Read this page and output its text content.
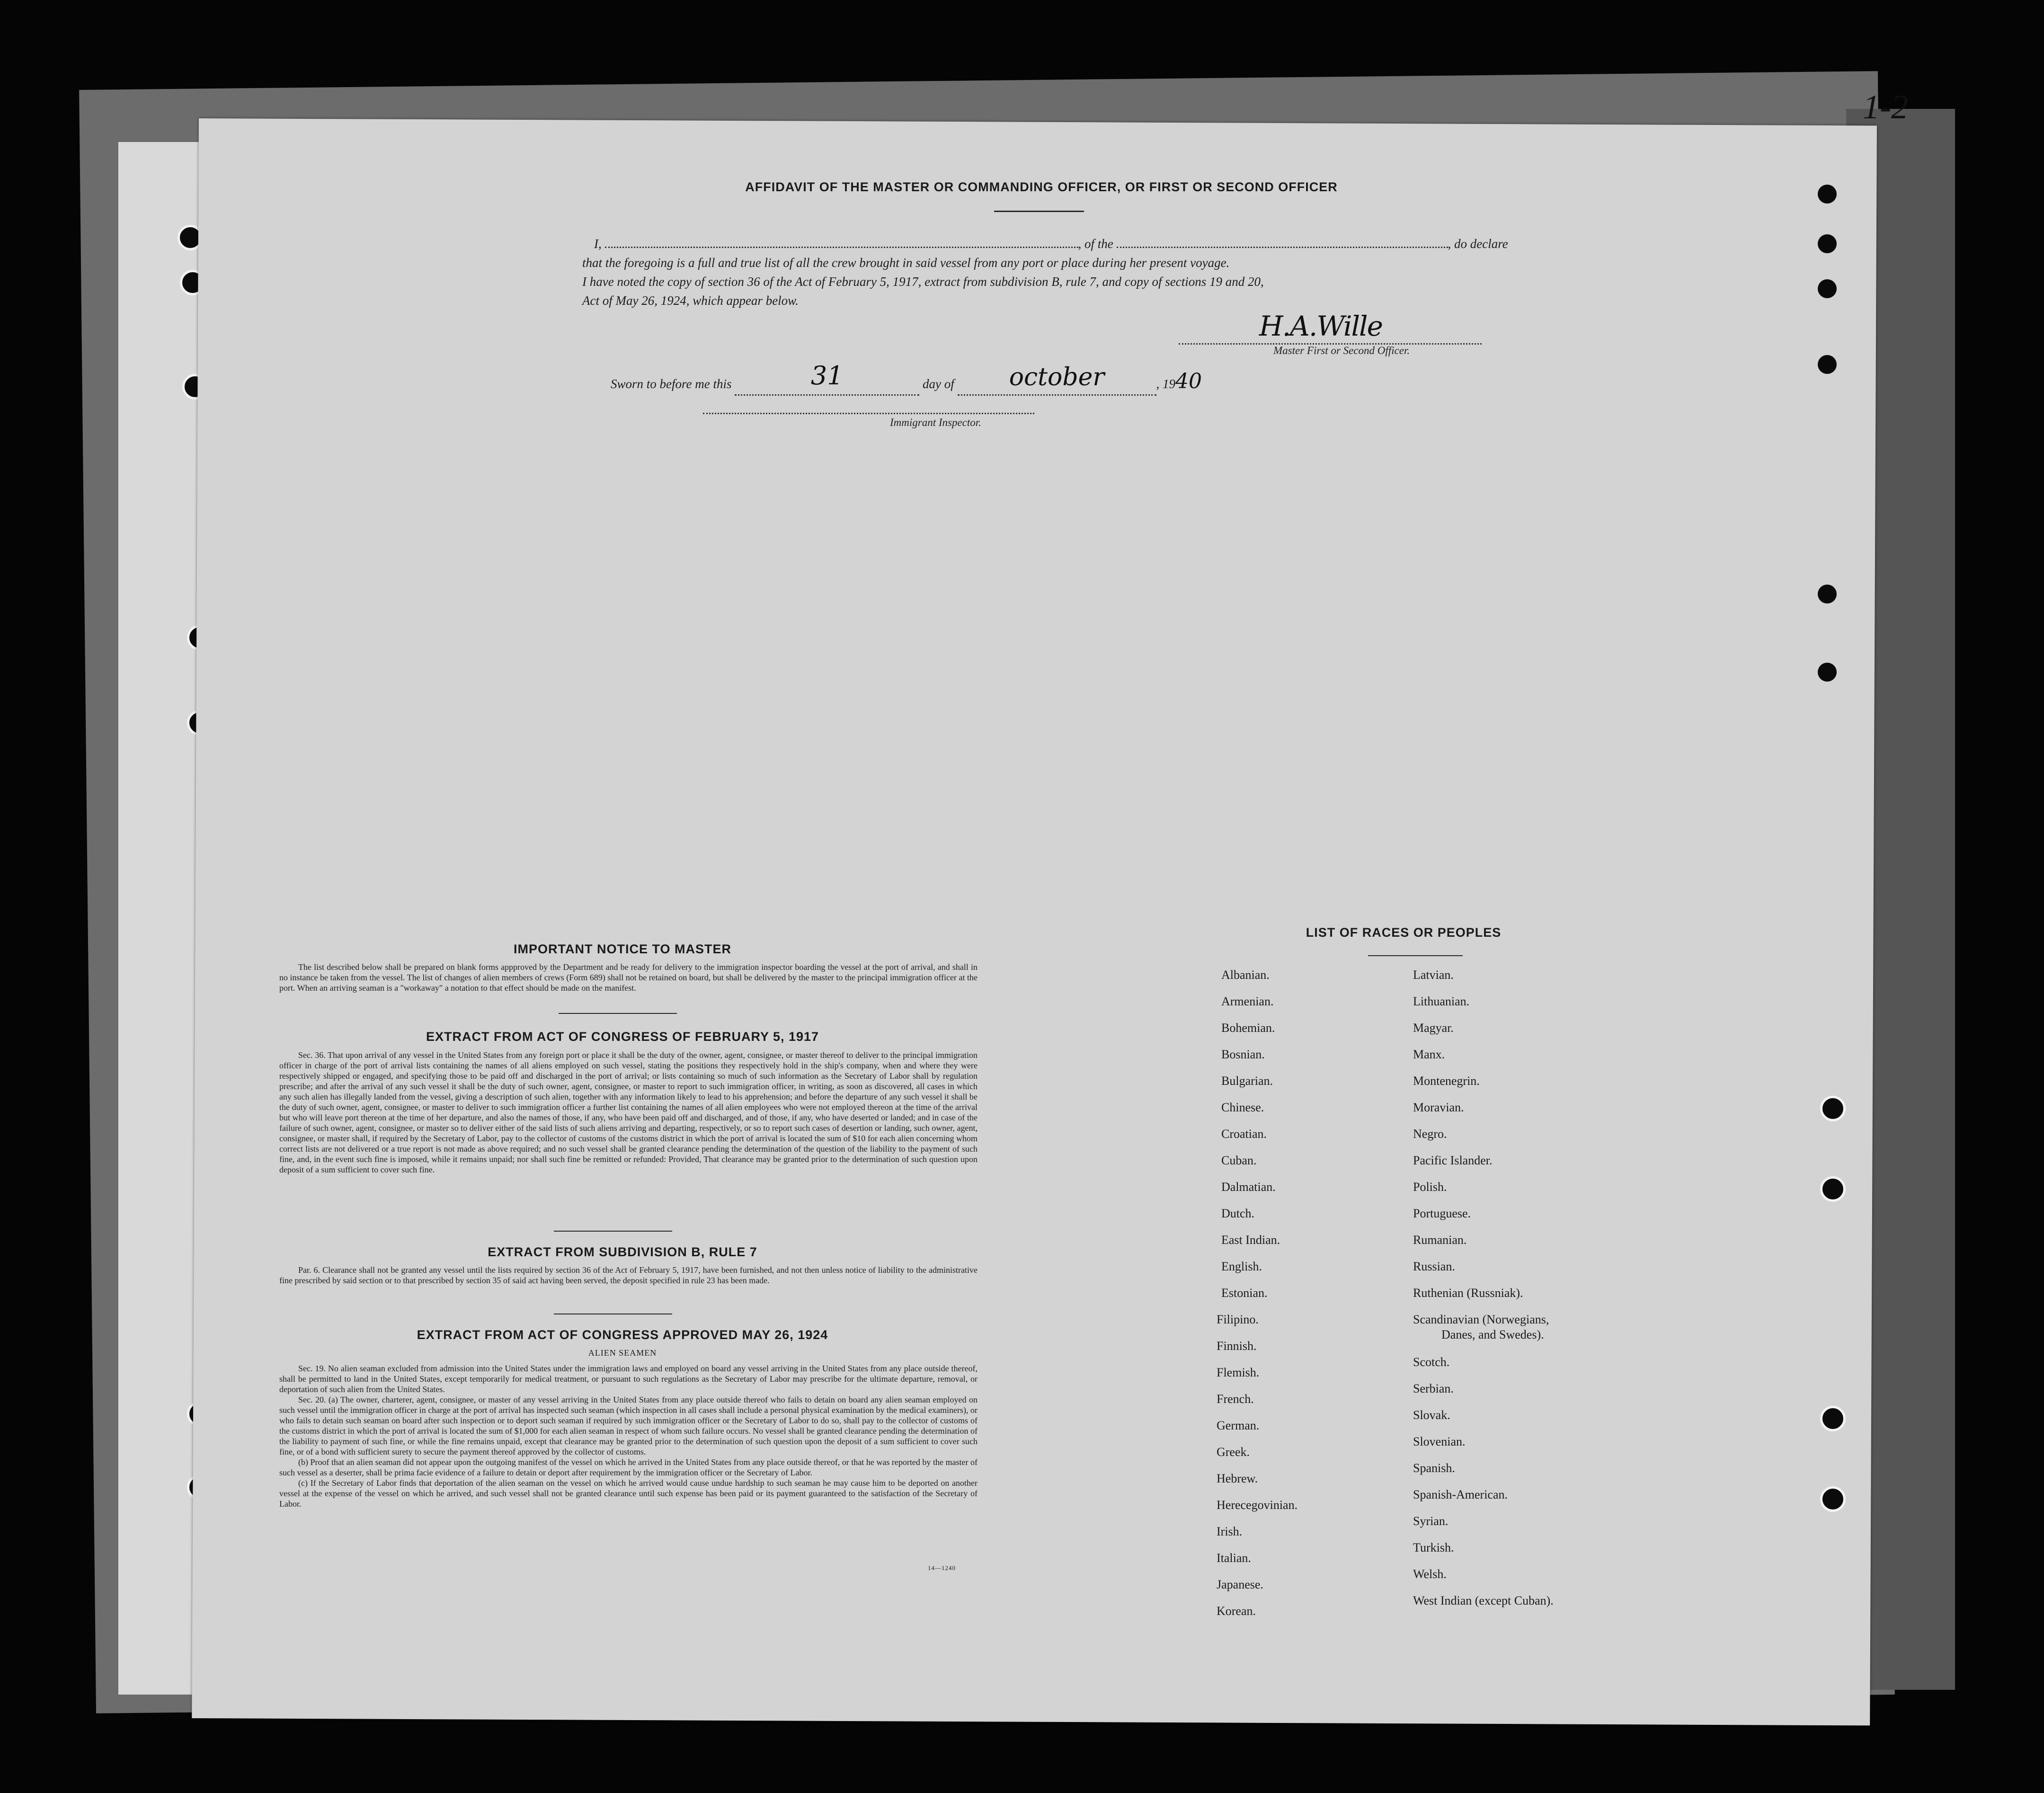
1-2
AFFIDAVIT OF THE MASTER OR COMMANDING OFFICER, OR FIRST OR SECOND OFFICER
I,	, of the	, do declare
that the foregoing is a full and true list of all the crew brought in said vessel from any port or place during her present voyage.
I have noted the copy of section 36 of the Act of February 5, 1917, extract from subdivision B, rule 7, and copy of sections 19 and 20,
Act of May 26, 1924, which appear below.
H.A.Wille
Master First or Second Officer.
Sworn to before me this	31	day of october	, 1940
Immigrant Inspector.
IMPORTANT NOTICE TO MASTER
The list described below shall be prepared on blank forms appproved by the Department and be ready for delivery to the immigration inspector boarding the vessel at the port of arrival, and shall in no instance be taken from the vessel. The list of changes of alien members of crews (Form 689) shall not be retained on board, but shall be delivered by the master to the principal immigration officer at the port. When an arriving seaman is a "workaway" a notation to that effect should be made on the manifest.
EXTRACT FROM ACT OF CONGRESS OF FEBRUARY 5, 1917
Sec. 36. That upon arrival of any vessel in the United States from any foreign port or place it shall be the duty of the owner, agent, consignee, or master thereof to deliver to the principal immigration officer in charge of the port of arrival lists containing the names of all aliens employed on such vessel, stating the positions they respectively hold in the ship's company, when and where they were respectively shipped or engaged, and specifying those to be paid off and discharged in the port of arrival; or lists containing so much of such information as the Secretary of Labor shall by regulation prescribe; and after the arrival of any such vessel it shall be the duty of such owner, agent, consignee, or master to report to such immigration officer, in writing, as soon as discovered, all cases in which any such alien has illegally landed from the vessel, giving a description of such alien, together with any information likely to lead to his apprehension; and before the departure of any such vessel it shall be the duty of such owner, agent, consignee, or master to deliver to such immigration officer a further list containing the names of all alien employees who were not employed thereon at the time of the arrival but who will leave port thereon at the time of her departure, and also the names of those, if any, who have been paid off and discharged, and of those, if any, who have deserted or landed; and in case of the failure of such owner, agent, consignee, or master so to deliver either of the said lists of such aliens arriving and departing, respectively, or so to report such cases of desertion or landing, such owner, agent, consignee, or master shall, if required by the Secretary of Labor, pay to the collector of customs of the customs district in which the port of arrival is located the sum of $10 for each alien concerning whom correct lists are not delivered or a true report is not made as above required; and no such vessel shall be granted clearance pending the determination of the question of the liability to the payment of such fine, and, in the event such fine is imposed, while it remains unpaid; nor shall such fine be remitted or refunded: Provided, That clearance may be granted prior to the determination of such question upon deposit of a sum sufficient to cover such fine.
EXTRACT FROM SUBDIVISION B, RULE 7
Par. 6. Clearance shall not be granted any vessel until the lists required by section 36 of the Act of February 5, 1917, have been furnished, and not then unless notice of liability to the administrative fine prescribed by said section or to that prescribed by section 35 of said act having been served, the deposit specified in rule 23 has been made.
EXTRACT FROM ACT OF CONGRESS APPROVED MAY 26, 1924
ALIEN SEAMEN
Sec. 19. No alien seaman excluded from admission into the United States under the immigration laws and employed on board any vessel arriving in the United States from any place outside thereof, shall be permitted to land in the United States, except temporarily for medical treatment, or pursuant to such regulations as the Secretary of Labor may prescribe for the ultimate departure, removal, or deportation of such alien from the United States.
Sec. 20. (a) The owner, charterer, agent, consignee, or master of any vessel arriving in the United States from any place outside thereof who fails to detain on board any alien seaman employed on such vessel until the immigration officer in charge at the port of arrival has inspected such seaman (which inspection in all cases shall include a personal physical examination by the medical examiners), or who fails to detain such seaman on board after such inspection or to deport such seaman if required by such immigration officer or the Secretary of Labor to do so, shall pay to the collector of customs of the customs district in which the port of arrival is located the sum of $1,000 for each alien seaman in respect of whom such failure occurs. No vessel shall be granted clearance pending the determination of the liability to payment of such fine, or while the fine remains unpaid, except that clearance may be granted prior to the determination of such question upon the deposit of a sum sufficient to cover such fine, or of a bond with sufficient surety to secure the payment thereof approved by the collector of customs.
(b) Proof that an alien seaman did not appear upon the outgoing manifest of the vessel on which he arrived in the United States from any place outside thereof, or that he was reported by the master of such vessel as a deserter, shall be prima facie evidence of a failure to detain or deport after requirement by the immigration officer or the Secretary of Labor.
(c) If the Secretary of Labor finds that deportation of the alien seaman on the vessel on which he arrived would cause undue hardship to such seaman he may cause him to be deported on another vessel at the expense of the vessel on which he arrived, and such vessel shall not be granted clearance until such expense has been paid or its payment guaranteed to the satisfaction of the Secretary of Labor.
14—1240
LIST OF RACES OR PEOPLES
Albanian.
Armenian.
Bohemian.
Bosnian.
Bulgarian.
Chinese.
Croatian.
Cuban.
Dalmatian.
Dutch.
East Indian.
English.
Estonian.
Filipino.
Finnish.
Flemish.
French.
German.
Greek.
Hebrew.
Herecegovinian.
Irish.
Italian.
Japanese.
Korean.
Latvian.
Lithuanian.
Magyar.
Manx.
Montenegrin.
Moravian.
Negro.
Pacific Islander.
Polish.
Portuguese.
Rumanian.
Russian.
Ruthenian (Russniak).
Scandinavian (Norwegians,
Danes, and Swedes).
Scotch.
Serbian.
Slovak.
Slovenian.
Spanish.
Spanish-American.
Syrian.
Turkish.
Welsh.
West Indian (except Cuban).
